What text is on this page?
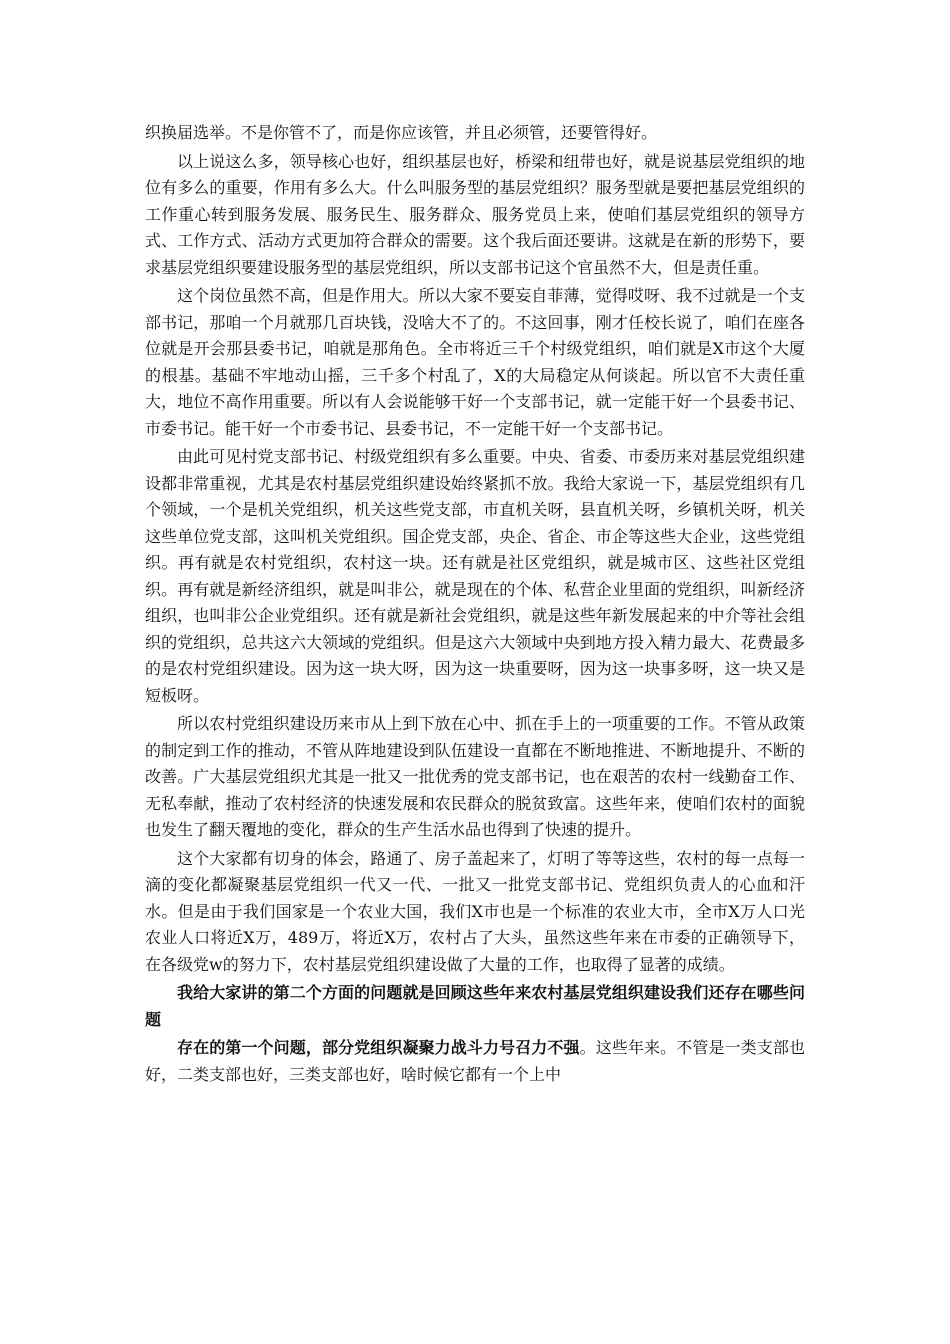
织换届选举。不是你管不了，而是你应该管，并且必须管，还要管得好。

以上说这么多，领导核心也好，组织基层也好，桥梁和纽带也好，就是说基层党组织的地位有多么的重要，作用有多么大。什么叫服务型的基层党组织？服务型就是要把基层党组织的工作重心转到服务发展、服务民生、服务群众、服务党员上来，使咱们基层党组织的领导方式、工作方式、活动方式更加符合群众的需要。这个我后面还要讲。这就是在新的形势下，要求基层党组织要建设服务型的基层党组织，所以支部书记这个官虽然不大，但是责任重。

这个岗位虽然不高，但是作用大。所以大家不要妄自菲薄，觉得哎呀、我不过就是一个支部书记，那咱一个月就那几百块钱，没啥大不了的。不这回事，刚才任校长说了，咱们在座各位就是开会那县委书记，咱就是那角色。全市将近三千个村级党组织，咱们就是X市这个大厦的根基。基础不牢地动山摇，三千多个村乱了，X的大局稳定从何谈起。所以官不大责任重大，地位不高作用重要。所以有人会说能够干好一个支部书记，就一定能干好一个县委书记、市委书记。能干好一个市委书记、县委书记，不一定能干好一个支部书记。

由此可见村党支部书记、村级党组织有多么重要。中央、省委、市委历来对基层党组织建设都非常重视，尤其是农村基层党组织建设始终紧抓不放。我给大家说一下，基层党组织有几个领域，一个是机关党组织，机关这些党支部，市直机关呀，县直机关呀，乡镇机关呀，机关这些单位党支部，这叫机关党组织。国企党支部，央企、省企、市企等这些大企业，这些党组织。再有就是农村党组织，农村这一块。还有就是社区党组织，就是城市区、这些社区党组织。再有就是新经济组织，就是叫非公，就是现在的个体、私营企业里面的党组织，叫新经济组织，也叫非公企业党组织。还有就是新社会党组织，就是这些年新发展起来的中介等社会组织的党组织，总共这六大领域的党组织。但是这六大领域中央到地方投入精力最大、花费最多的是农村党组织建设。因为这一块大呀，因为这一块重要呀，因为这一块事多呀，这一块又是短板呀。

所以农村党组织建设历来市从上到下放在心中、抓在手上的一项重要的工作。不管从政策的制定到工作的推动，不管从阵地建设到队伍建设一直都在不断地推进、不断地提升、不断的改善。广大基层党组织尤其是一批又一批优秀的党支部书记，也在艰苦的农村一线勤奋工作、无私奉献，推动了农村经济的快速发展和农民群众的脱贫致富。这些年来，使咱们农村的面貌也发生了翻天覆地的变化，群众的生产生活水品也得到了快速的提升。

这个大家都有切身的体会，路通了、房子盖起来了，灯明了等等这些，农村的每一点每一滴的变化都凝聚基层党组织一代又一代、一批又一批党支部书记、党组织负责人的心血和汗水。但是由于我们国家是一个农业大国，我们X市也是一个标准的农业大市，全市X万人口光农业人口将近X万，489万，将近X万，农村占了大头，虽然这些年来在市委的正确领导下，在各级党w的努力下，农村基层党组织建设做了大量的工作，也取得了显著的成绩。

我给大家讲的第二个方面的问题就是回顾这些年来农村基层党组织建设我们还存在哪些问题

存在的第一个问题，部分党组织凝聚力战斗力号召力不强。这些年来。不管是一类支部也好，二类支部也好，三类支部也好，啥时候它都有一个上中
